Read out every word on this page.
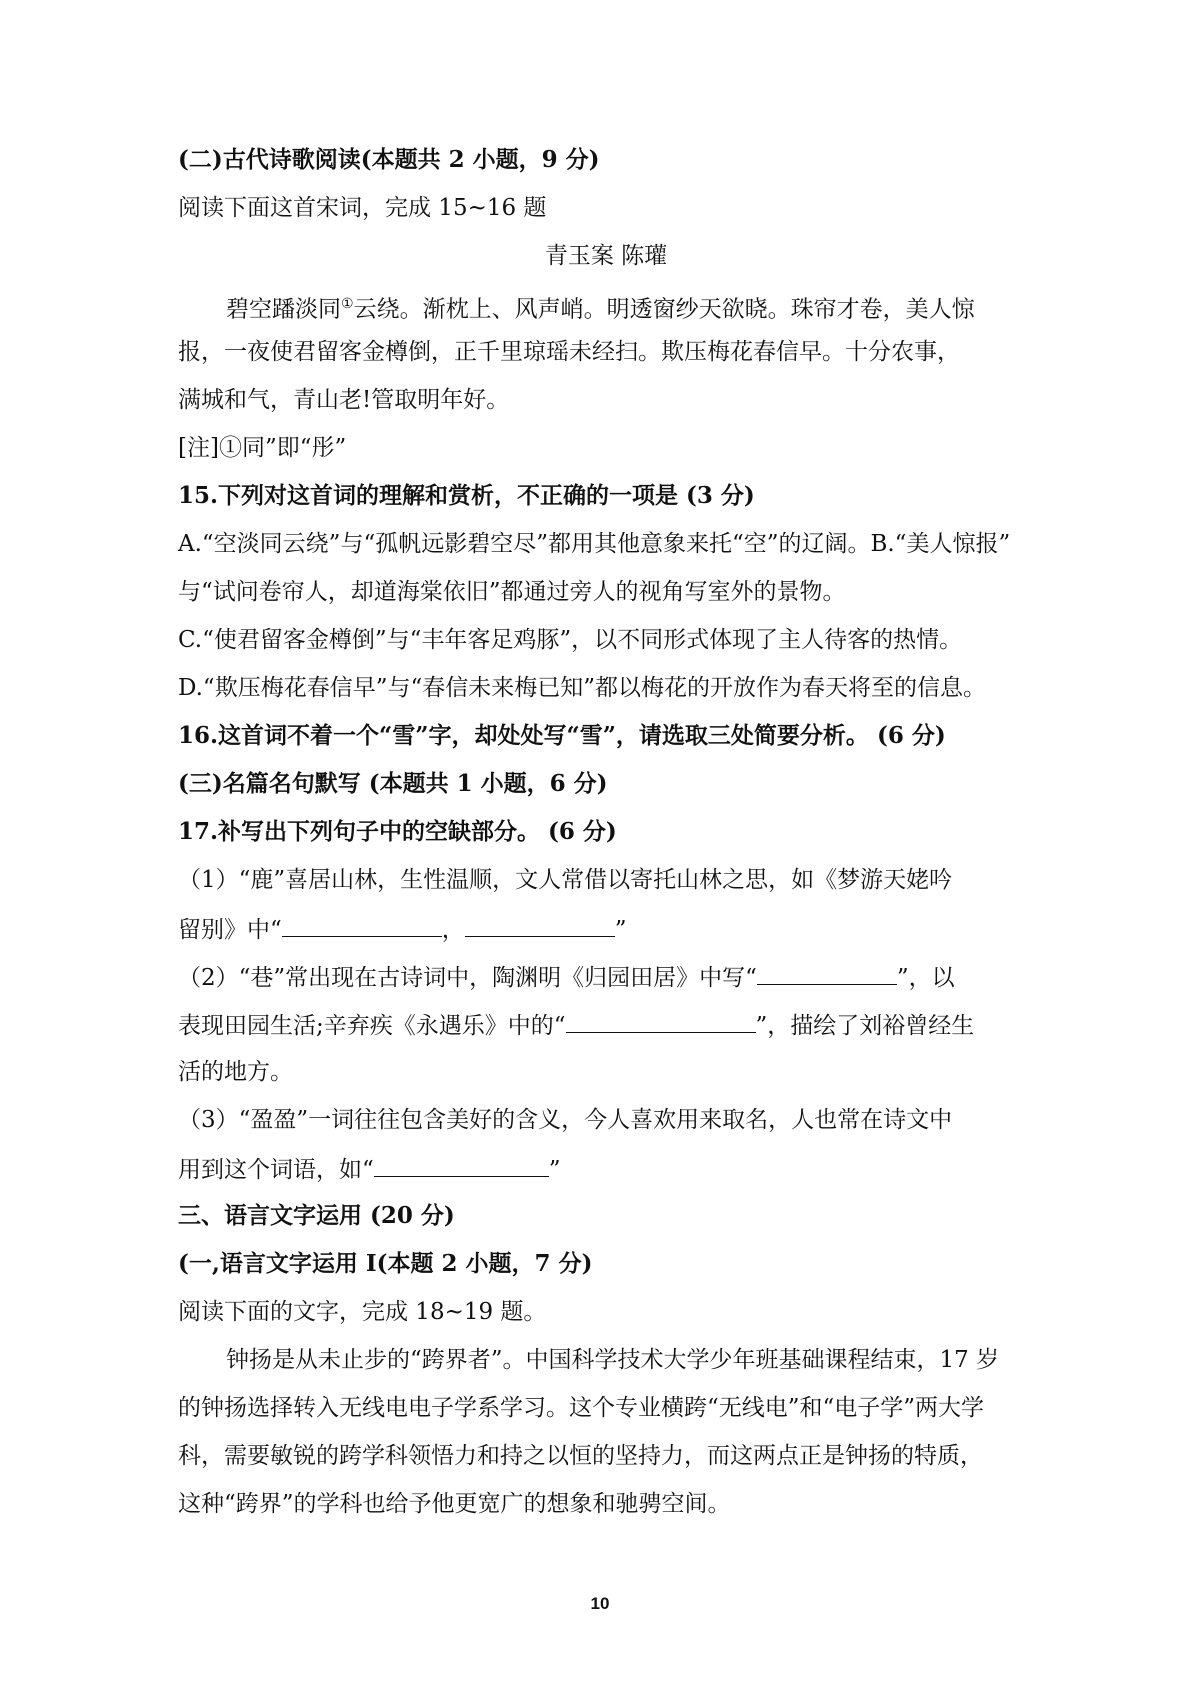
(二)古代诗歌阅读(本题共 2 小题，9 分)
阅读下面这首宋词，完成 15~16 题
青玉案 陈瓘
碧空蹯淡同①云绕。渐枕上、风声峭。明透窗纱天欲晓。珠帘才卷，美人惊
报，一夜使君留客金樽倒，正千里琼瑶未经扫。欺压梅花春信早。十分农事，
满城和气，青山老!管取明年好。
[注]①同”即“彤”
15.下列对这首词的理解和赏析，不正确的一项是 (3 分)
A.“空淡同云绕”与“孤帆远影碧空尽”都用其他意象来托“空”的辽阔。B.“美人惊报”
与“试问卷帘人，却道海棠依旧”都通过旁人的视角写室外的景物。
C.“使君留客金樽倒”与“丰年客足鸡豚”，以不同形式体现了主人待客的热情。
D.“欺压梅花春信早”与“春信未来梅已知”都以梅花的开放作为春天将至的信息。
16.这首词不着一个“雪”字，却处处写“雪”，请选取三处简要分析。 (6 分)
(三)名篇名句默写 (本题共 1 小题，6 分)
17.补写出下列句子中的空缺部分。 (6 分)
（1）“鹿”喜居山林，生性温顺，文人常借以寄托山林之思，如《梦游天姥吟
留别》中“	，	”
（2）“巷”常出现在古诗词中，陶渊明《归园田居》中写“	”，以
表现田园生活;辛弃疾《永遇乐》中的“	”，描绘了刘裕曾经生
活的地方。
（3）“盈盈”一词往往包含美好的含义，今人喜欢用来取名，人也常在诗文中
用到这个词语，如“	”
三、语言文字运用 (20 分)
(一,语言文字运用 I(本题 2 小题，7 分)
阅读下面的文字，完成 18~19 题。
钟扬是从未止步的“跨界者”。中国科学技术大学少年班基础课程结束，17 岁
的钟扬选择转入无线电电子学系学习。这个专业横跨“无线电”和“电子学”两大学
科，需要敏锐的跨学科领悟力和持之以恒的坚持力，而这两点正是钟扬的特质，
这种“跨界”的学科也给予他更宽广的想象和驰骋空间。
10
